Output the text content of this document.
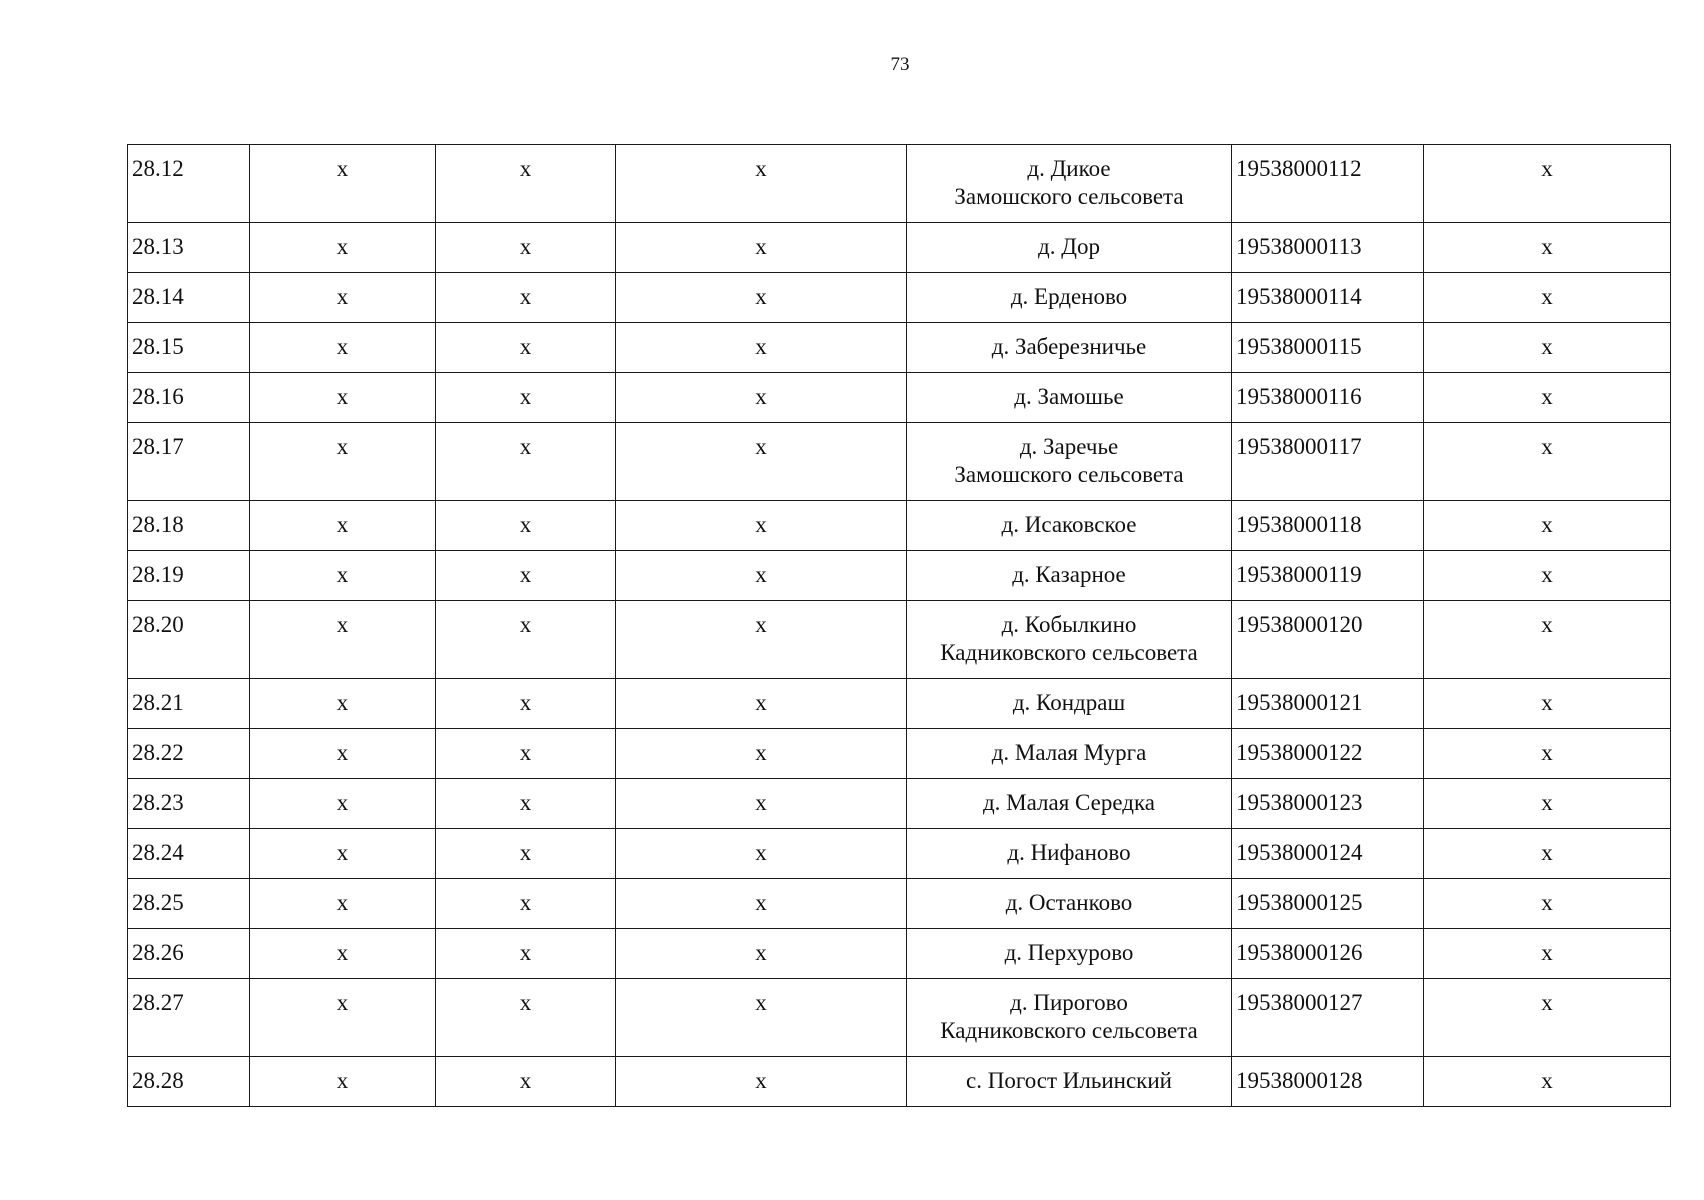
73
28.12	x	x	x	д. Дикое
Замошского сельсовета	19538000112	x
28.13	x	x	x	д. Дор	19538000113	x
28.14	x	x	x	д. Ерденово	19538000114	x
28.15	x	x	x	д. Заберезничье	19538000115	x
28.16	x	x	x	д. Замошье	19538000116	x
28.17	x	x	x	д. Заречье
Замошского сельсовета	19538000117	x
28.18	x	x	x	д. Исаковское	19538000118	x
28.19	x	x	x	д. Казарное	19538000119	x
28.20	x	x	x	д. Кобылкино
Кадниковского сельсовета	19538000120	x
28.21	x	x	x	д. Кондраш	19538000121	x
28.22	x	x	x	д. Малая Мурга	19538000122	x
28.23	x	x	x	д. Малая Середка	19538000123	x
28.24	x	x	x	д. Нифаново	19538000124	x
28.25	x	x	x	д. Останково	19538000125	x
28.26	x	x	x	д. Перхурово	19538000126	x
28.27	x	x	x	д. Пирогово
Кадниковского сельсовета	19538000127	x
28.28	x	x	x	с. Погост Ильинский	19538000128	x
